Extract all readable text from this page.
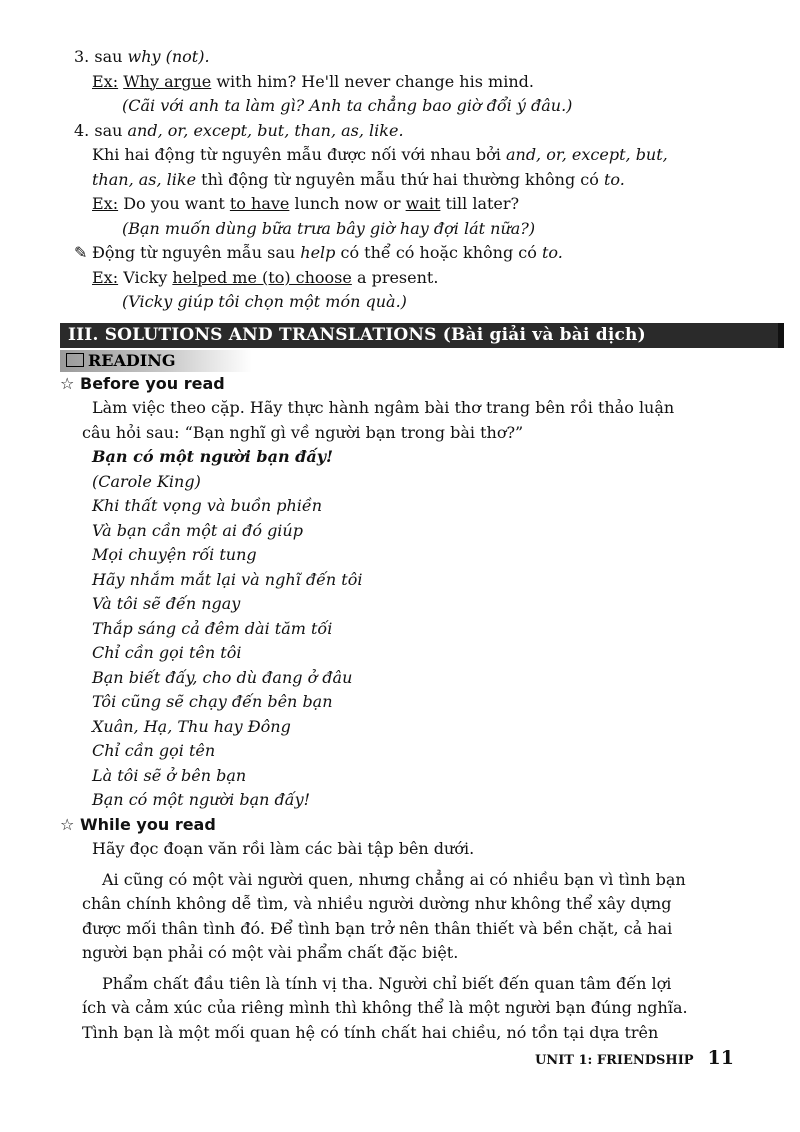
3. sau why (not).

Ex: Why argue with him? He'll never change his mind.

(Cãi với anh ta làm gì? Anh ta chẳng bao giờ đổi ý đâu.)

4. sau and, or, except, but, than, as, like.

Khi hai động từ nguyên mẫu được nối với nhau bởi and, or, except, but,
than, as, like thì động từ nguyên mẫu thứ hai thường không có to.

Ex: Do you want to have lunch now or wait till later?

(Bạn muốn dùng bữa trưa bây giờ hay đợi lát nữa?)

✎ Động từ nguyên mẫu sau help có thể có hoặc không có to.

Ex: Vicky helped me (to) choose a present.

(Vicky giúp tôi chọn một món quà.)

III. SOLUTIONS AND TRANSLATIONS (Bài giải và bài dịch)
READING

☆ Before you read

Làm việc theo cặp. Hãy thực hành ngâm bài thơ trang bên rồi thảo luận
câu hỏi sau: “Bạn nghĩ gì về người bạn trong bài thơ?”

Bạn có một người bạn đấy!

(Carole King)

Khi thất vọng và buồn phiền
Và bạn cần một ai đó giúp
Mọi chuyện rối tung
Hãy nhắm mắt lại và nghĩ đến tôi
Và tôi sẽ đến ngay
Thắp sáng cả đêm dài tăm tối
Chỉ cần gọi tên tôi
Bạn biết đấy, cho dù đang ở đâu
Tôi cũng sẽ chạy đến bên bạn
Xuân, Hạ, Thu hay Đông
Chỉ cần gọi tên
Là tôi sẽ ở bên bạn
Bạn có một người bạn đấy!

☆ While you read

Hãy đọc đoạn văn rồi làm các bài tập bên dưới.

Ai cũng có một vài người quen, nhưng chẳng ai có nhiều bạn vì tình bạn
chân chính không dễ tìm, và nhiều người dường như không thể xây dựng
được mối thân tình đó. Để tình bạn trở nên thân thiết và bền chặt, cả hai
người bạn phải có một vài phẩm chất đặc biệt.
Phẩm chất đầu tiên là tính vị tha. Người chỉ biết đến quan tâm đến lợi
ích và cảm xúc của riêng mình thì không thể là một người bạn đúng nghĩa.
Tình bạn là một mối quan hệ có tính chất hai chiều, nó tồn tại dựa trên
UNIT 1: FRIENDSHIP 11
